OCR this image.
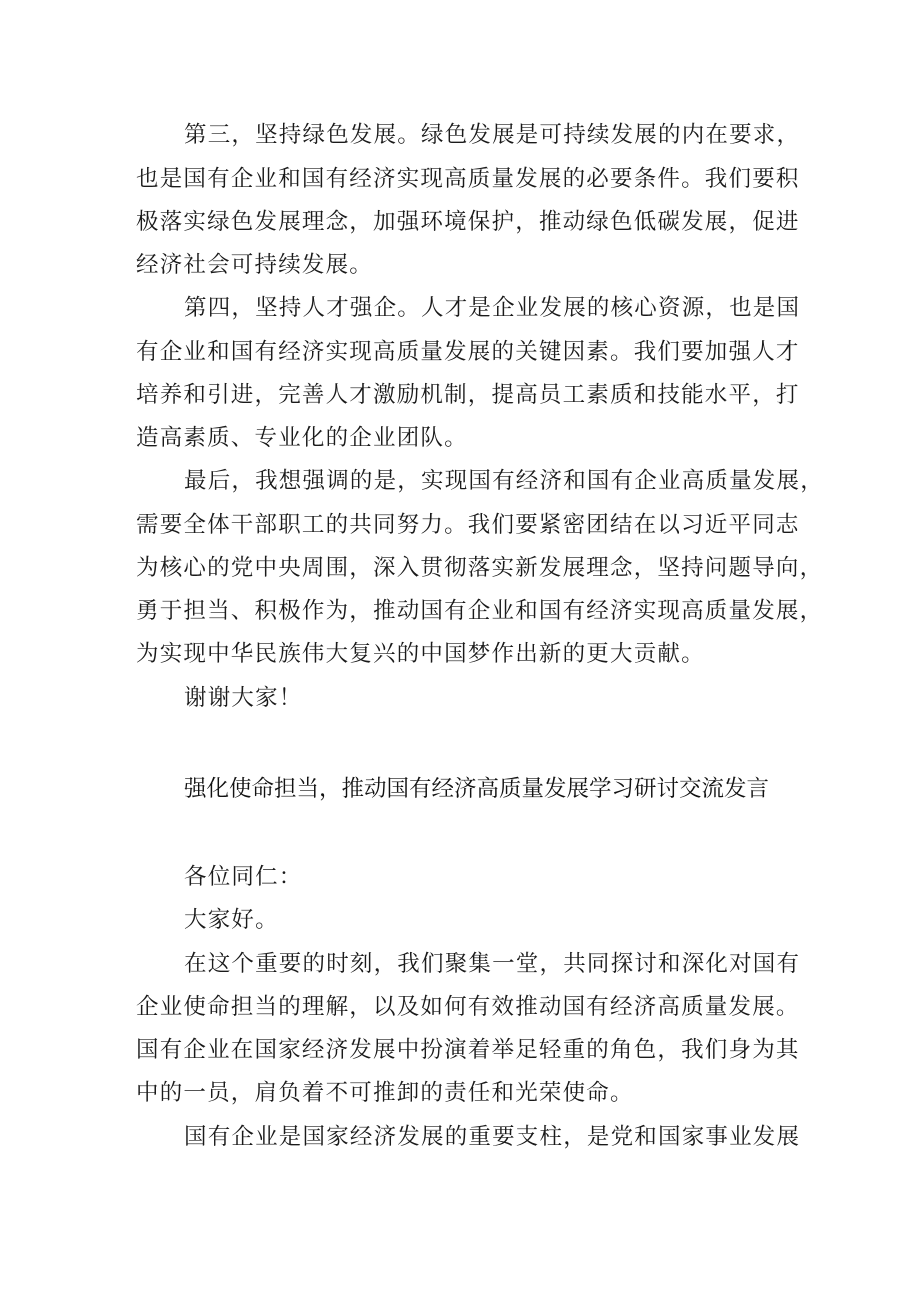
第三，坚持绿色发展。绿色发展是可持续发展的内在要求，
也是国有企业和国有经济实现高质量发展的必要条件。我们要积
极落实绿色发展理念，加强环境保护，推动绿色低碳发展，促进
经济社会可持续发展。
第四，坚持人才强企。人才是企业发展的核心资源，也是国
有企业和国有经济实现高质量发展的关键因素。我们要加强人才
培养和引进，完善人才激励机制，提高员工素质和技能水平，打
造高素质、专业化的企业团队。
最后，我想强调的是，实现国有经济和国有企业高质量发展，
需要全体干部职工的共同努力。我们要紧密团结在以习近平同志
为核心的党中央周围，深入贯彻落实新发展理念，坚持问题导向，
勇于担当、积极作为，推动国有企业和国有经济实现高质量发展，
为实现中华民族伟大复兴的中国梦作出新的更大贡献。
谢谢大家！
强化使命担当，推动国有经济高质量发展学习研讨交流发言
各位同仁：
大家好。
在这个重要的时刻，我们聚集一堂，共同探讨和深化对国有
企业使命担当的理解，以及如何有效推动国有经济高质量发展。
国有企业在国家经济发展中扮演着举足轻重的角色，我们身为其
中的一员，肩负着不可推卸的责任和光荣使命。
国有企业是国家经济发展的重要支柱，是党和国家事业发展
